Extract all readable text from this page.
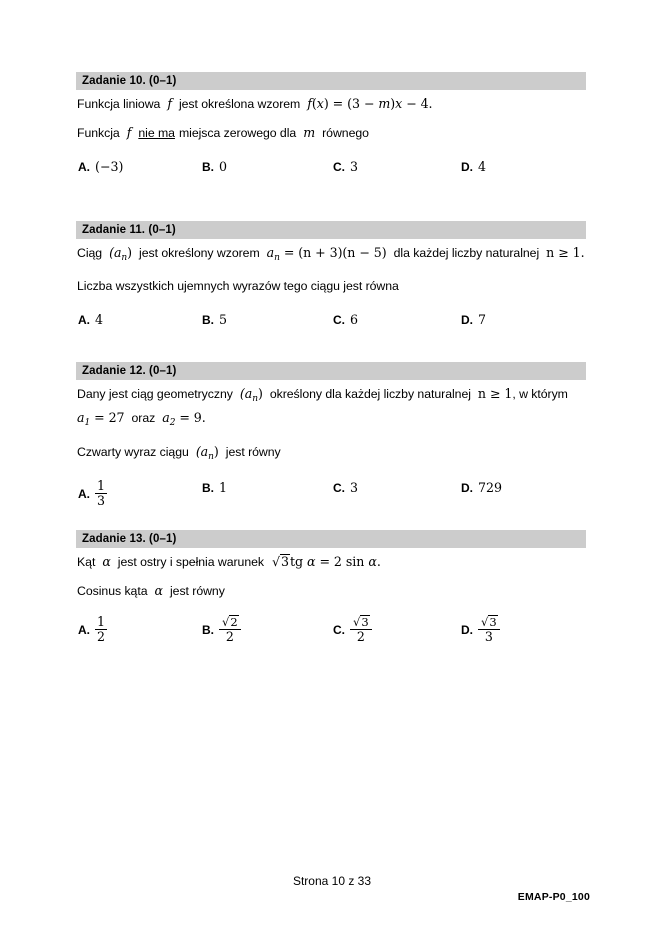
Zadanie 10. (0–1)
Funkcja liniowa f jest określona wzorem f(x) = (3 − m)x − 4.
Funkcja f nie ma miejsca zerowego dla m równego
A. (−3)	B. 0	C. 3	D. 4
Zadanie 11. (0–1)
Ciąg $(a_n)$ jest określony wzorem $a_n = (n + 3)(n - 5)$ dla każdej liczby naturalnej n ≥ 1.
Liczba wszystkich ujemnych wyrazów tego ciągu jest równa
A. 4	B. 5	C. 6	D. 7
Zadanie 12. (0–1)
Dany jest ciąg geometryczny $(a_n)$ określony dla każdej liczby naturalnej n ≥ 1, w którym
$a_1 = 27$ oraz $a_2 = 9$.
Czwarty wyraz ciągu $(a_n)$ jest równy
A. $\frac{1}{3}$	B. 1	C. 3	D. 729
Zadanie 13. (0–1)
Kąt α jest ostry i spełnia warunek √3tg α = 2 sin α.
Cosinus kąta α jest równy
A. $\frac{1}{2}$	B. $\frac{√2}{2}$	C. $\frac{√3}{2}$	D. $\frac{√3}{3}$
Strona 10 z 33
EMAP-P0_100
